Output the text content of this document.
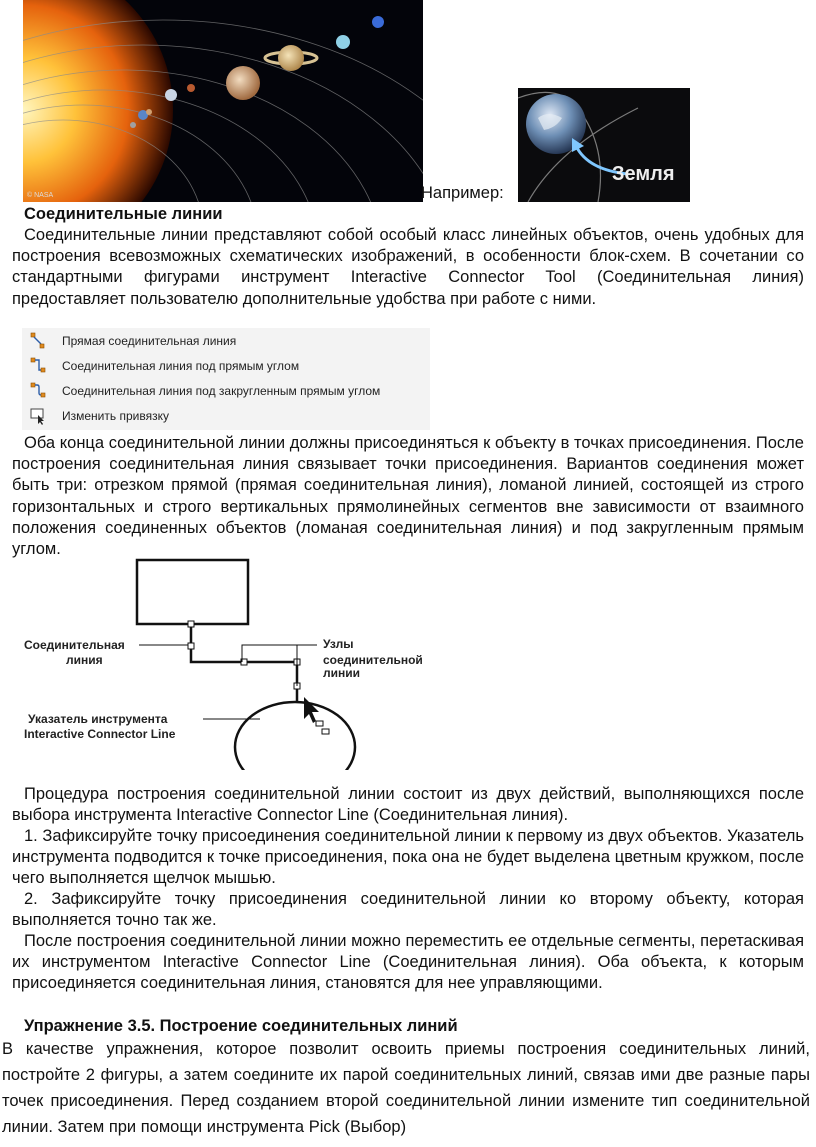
© NASA	Например:
Земля
Соединительные линии
Соединительные линии представляют собой особый класс линейных объектов, очень удобных для построения всевозможных схематических изображений, в особенности блок-схем. В сочетании со стандартными фигурами инструмент Interactive Connector Tool (Соединительная линия) предоставляет пользователю дополнительные удобства при работе с ними.
Прямая соединительная линия
Соединительная линия под прямым углом
Соединительная линия под закругленным прямым углом
Изменить привязку
Оба конца соединительной линии должны присоединяться к объекту в точках присоединения. После построения соединительная линия связывает точки присоединения. Вариантов соединения может быть три: отрезком прямой (прямая соединительная линия), ломаной линией, состоящей из строго горизонтальных и строго вертикальных прямолинейных сегментов вне зависимости от взаимного положения соединенных объектов (ломаная соединительная линия) и под закругленным прямым углом.
Соединительная
линия
Узлы
соединительной
линии
Указатель инструмента
Interactive Connector Line
Процедура построения соединительной линии состоит из двух действий, выполняющихся после выбора инструмента Interactive Connector Line (Соединительная линия).
1. Зафиксируйте точку присоединения соединительной линии к первому из двух объектов. Указатель инструмента подводится к точке присоединения, пока она не будет выделена цветным кружком, после чего выполняется щелчок мышью.
2. Зафиксируйте точку присоединения соединительной линии ко второму объекту, которая выполняется точно так же.
После построения соединительной линии можно переместить ее отдельные сегменты, перетаскивая их инструментом Interactive Connector Line (Соединительная линия). Оба объекта, к которым присоединяется соединительная линия, становятся для нее управляющими.
Упражнение 3.5. Построение соединительных линий
В качестве упражнения, которое позволит освоить приемы построения соединительных линий, постройте 2 фигуры, а затем соедините их парой соединительных линий, связав ими две разные пары точек присоединения. Перед созданием второй соединительной линии измените тип соединительной линии. Затем при помощи инструмента Pick (Выбор)
